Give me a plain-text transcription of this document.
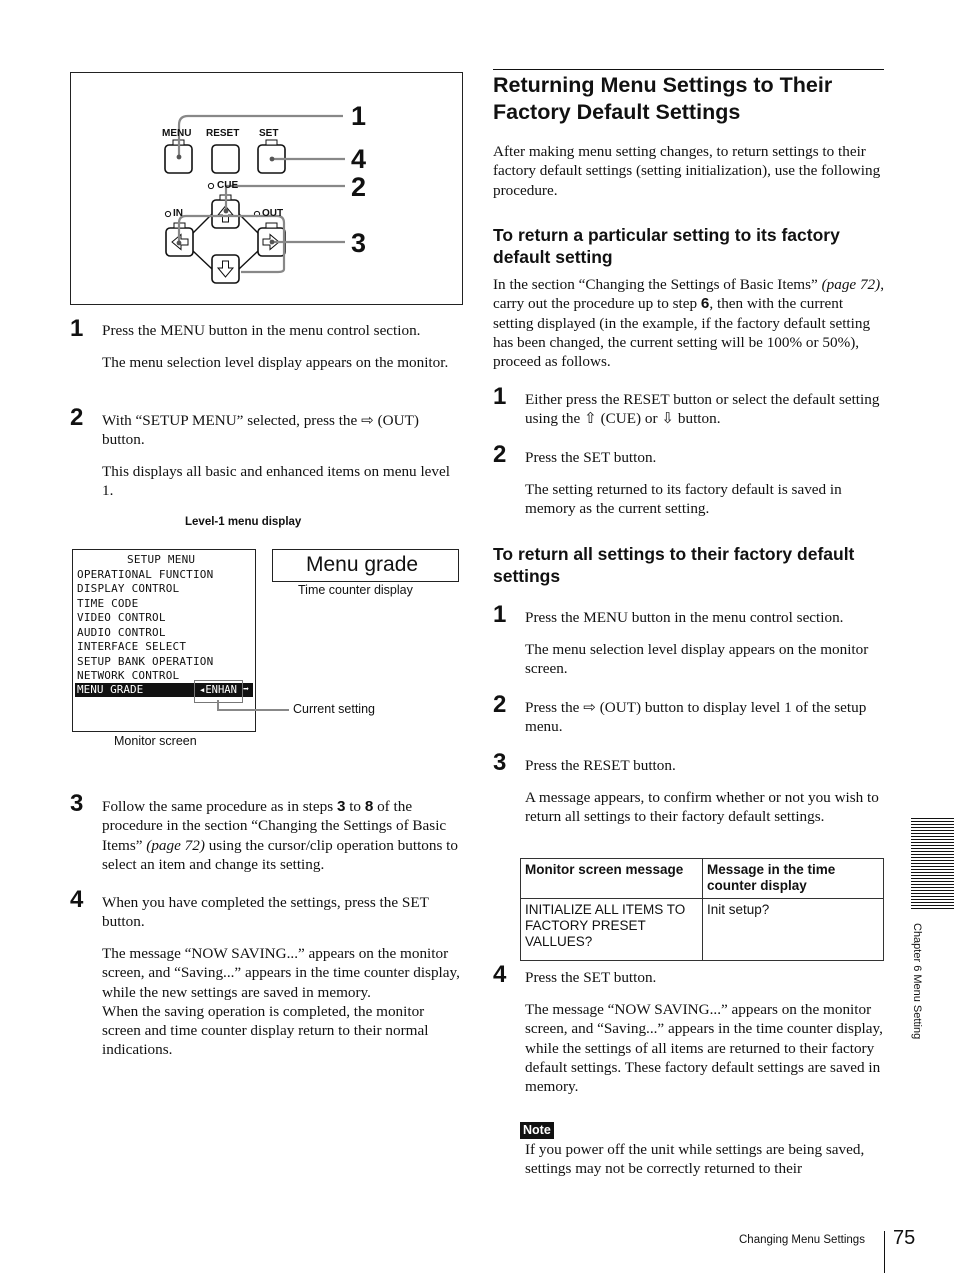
MENU RESET SET
CUE
IN	OUT
1
4
2
3
1 Press the MENU button in the menu control section.
The menu selection level display appears on the monitor.
2 With “SETUP MENU” selected, press the ⇨ (OUT) button.
This displays all basic and enhanced items on menu level 1.
Level-1 menu display
SETUP MENU
OPERATIONAL FUNCTION
DISPLAY CONTROL
TIME CODE
VIDEO CONTROL
AUDIO CONTROL
INTERFACE SELECT
SETUP BANK OPERATION
NETWORK CONTROL
MENU GRADE	◂ENHAN ➡
Current setting
Menu grade
Time counter display
Monitor screen
3 Follow the same procedure as in steps 3 to 8 of the procedure in the section “Changing the Settings of Basic Items” (page 72) using the cursor/clip operation buttons to select an item and change its setting.
4 When you have completed the settings, press the SET button.
The message “NOW SAVING...” appears on the monitor screen, and “Saving...” appears in the time counter display, while the new settings are saved in memory.
When the saving operation is completed, the monitor screen and time counter display return to their normal indications.
Returning Menu Settings to Their Factory Default Settings
After making menu setting changes, to return settings to their factory default settings (setting initialization), use the following procedure.
To return a particular setting to its factory default setting
In the section “Changing the Settings of Basic Items” (page 72), carry out the procedure up to step 6, then with the current setting displayed (in the example, if the factory default setting has been changed, the current setting will be 100% or 50%), proceed as follows.
1 Either press the RESET button or select the default setting using the ⇧ (CUE) or ⇩ button.
2 Press the SET button.
The setting returned to its factory default is saved in memory as the current setting.
To return all settings to their factory default settings
1 Press the MENU button in the menu control section.
The menu selection level display appears on the monitor screen.
2 Press the ⇨ (OUT) button to display level 1 of the setup menu.
3 Press the RESET button.
A message appears, to confirm whether or not you wish to return all settings to their factory default settings.
Monitor screen message	Message in the time counter display
INITIALIZE ALL ITEMS TO FACTORY PRESET VALLUES?	Init setup?
4 Press the SET button.
The message “NOW SAVING...” appears on the monitor screen, and “Saving...” appears in the time counter display, while the settings of all items are returned to their factory default settings. These factory default settings are saved in memory.
Note
If you power off the unit while settings are being saved, settings may not be correctly returned to their
Chapter 6 Menu Setting
Changing Menu Settings 75
